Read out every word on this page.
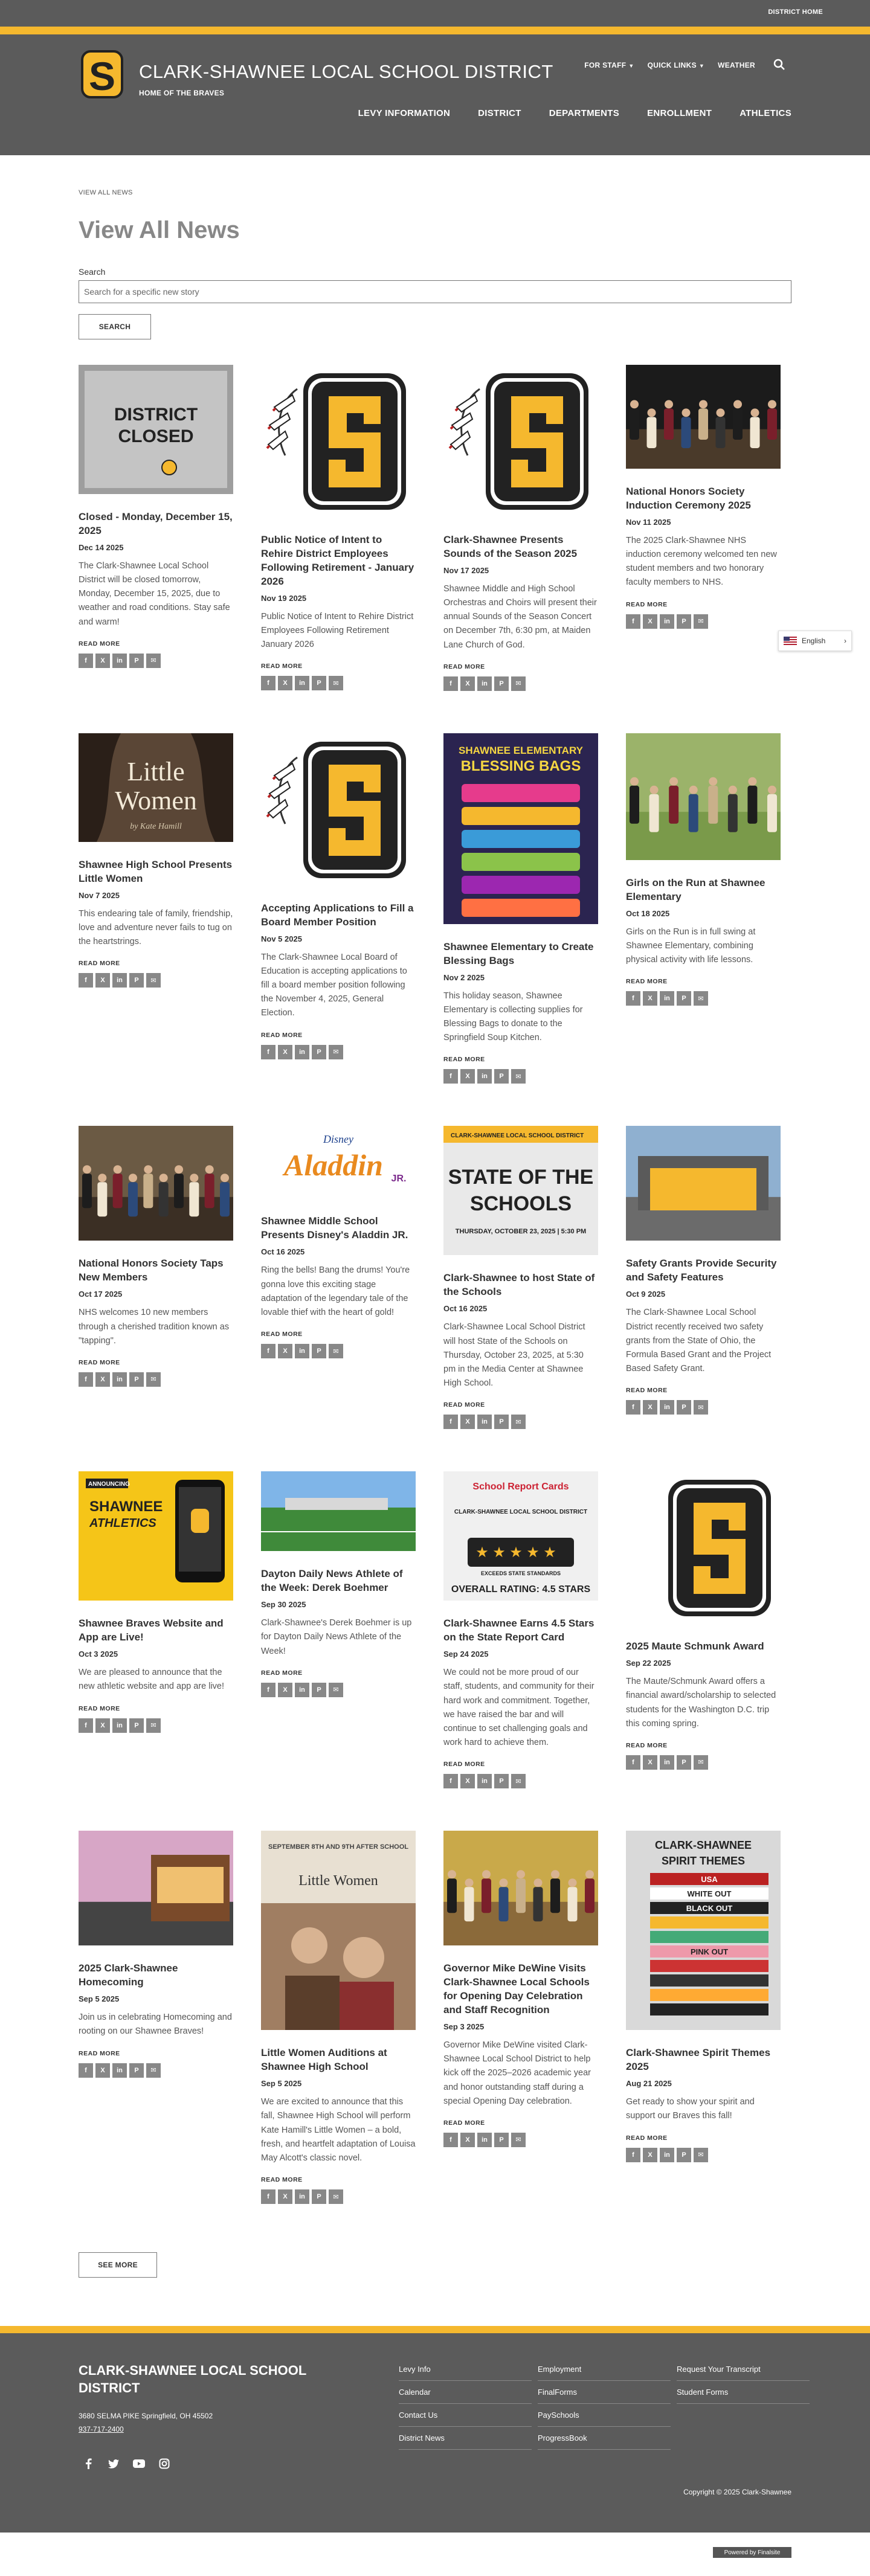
DISTRICT HOME
S CLARK-SHAWNEE LOCAL SCHOOL DISTRICT
HOME OF THE BRAVES
FOR STAFF ▼ QUICK LINKS ▼ WEATHER
LEVY INFORMATION	DISTRICT	DEPARTMENTS	ENROLLMENT	ATHLETICS
VIEW ALL NEWS
View All News
Search
Search for a specific new story
SEARCH
DISTRICT
CLOSED
Closed - Monday, December 15, 2025
Dec 14 2025
The Clark-Shawnee Local School District will be closed tomorrow, Monday, December 15, 2025, due to weather and road conditions. Stay safe and warm!
READ MORE
f	X	in	P	✉
Public Notice of Intent to Rehire District Employees Following Retirement - January 2026
Nov 19 2025
Public Notice of Intent to Rehire District Employees Following Retirement January 2026
READ MORE
f	X	in	P	✉
Clark-Shawnee Presents Sounds of the Season 2025
Nov 17 2025
Shawnee Middle and High School Orchestras and Choirs will present their annual Sounds of the Season Concert on December 7th, 6:30 pm, at Maiden Lane Church of God.
READ MORE
f	X	in	P	✉
National Honors Society Induction Ceremony 2025
Nov 11 2025
The 2025 Clark-Shawnee NHS induction ceremony welcomed ten new student members and two honorary faculty members to NHS.
READ MORE
f	X	in	P	✉
Little
Women
by Kate Hamill
Shawnee High School Presents Little Women
Nov 7 2025
This endearing tale of family, friendship, love and adventure never fails to tug on the heartstrings.
READ MORE
f	X	in	P	✉
Accepting Applications to Fill a Board Member Position
Nov 5 2025
The Clark-Shawnee Local Board of Education is accepting applications to fill a board member position following the November 4, 2025, General Election.
READ MORE
f	X	in	P	✉
SHAWNEE ELEMENTARY
BLESSING BAGS
Shawnee Elementary to Create Blessing Bags
Nov 2 2025
This holiday season, Shawnee Elementary is collecting supplies for Blessing Bags to donate to the Springfield Soup Kitchen.
READ MORE
f	X	in	P	✉
Girls on the Run at Shawnee Elementary
Oct 18 2025
Girls on the Run is in full swing at Shawnee Elementary, combining physical activity with life lessons.
READ MORE
f	X	in	P	✉
National Honors Society Taps New Members
Oct 17 2025
NHS welcomes 10 new members through a cherished tradition known as "tapping".
READ MORE
f	X	in	P	✉
Disney
Aladdin JR.
Shawnee Middle School Presents Disney's Aladdin JR.
Oct 16 2025
Ring the bells! Bang the drums! You're gonna love this exciting stage adaptation of the legendary tale of the lovable thief with the heart of gold!
READ MORE
f	X	in	P	✉
CLARK-SHAWNEE LOCAL SCHOOL DISTRICT
STATE OF THE
SCHOOLS
THURSDAY, OCTOBER 23, 2025 | 5:30 PM
Clark-Shawnee to host State of the Schools
Oct 16 2025
Clark-Shawnee Local School District will host State of the Schools on Thursday, October 23, 2025, at 5:30 pm in the Media Center at Shawnee High School.
READ MORE
f	X	in	P	✉
Safety Grants Provide Security and Safety Features
Oct 9 2025
The Clark-Shawnee Local School District recently received two safety grants from the State of Ohio, the Formula Based Grant and the Project Based Safety Grant.
READ MORE
f	X	in	P	✉
ANNOUNCING
SHAWNEE
ATHLETICS
Shawnee Braves Website and App are Live!
Oct 3 2025
We are pleased to announce that the new athletic website and app are live!
READ MORE
f	X	in	P	✉
Dayton Daily News Athlete of the Week: Derek Boehmer
Sep 30 2025
Clark-Shawnee's Derek Boehmer is up for Dayton Daily News Athlete of the Week!
READ MORE
f	X	in	P	✉
School Report Cards
CLARK-SHAWNEE LOCAL SCHOOL DISTRICT
★ ★ ★ ★ ★
EXCEEDS STATE STANDARDS
OVERALL RATING: 4.5 STARS
Clark-Shawnee Earns 4.5 Stars on the State Report Card
Sep 24 2025
We could not be more proud of our staff, students, and community for their hard work and commitment. Together, we have raised the bar and will continue to set challenging goals and work hard to achieve them.
READ MORE
f	X	in	P	✉
2025 Maute Schmunk Award
Sep 22 2025
The Maute/Schmunk Award offers a financial award/scholarship to selected students for the Washington D.C. trip this coming spring.
READ MORE
f	X	in	P	✉
2025 Clark-Shawnee Homecoming
Sep 5 2025
Join us in celebrating Homecoming and rooting on our Shawnee Braves!
READ MORE
f	X	in	P	✉
SEPTEMBER 8TH AND 9TH AFTER SCHOOL
Little Women
Little Women Auditions at Shawnee High School
Sep 5 2025
We are excited to announce that this fall, Shawnee High School will perform Kate Hamill's Little Women – a bold, fresh, and heartfelt adaptation of Louisa May Alcott's classic novel.
READ MORE
f	X	in	P	✉
Governor Mike DeWine Visits Clark-Shawnee Local Schools for Opening Day Celebration and Staff Recognition
Sep 3 2025
Governor Mike DeWine visited Clark-Shawnee Local School District to help kick off the 2025–2026 academic year and honor outstanding staff during a special Opening Day celebration.
READ MORE
f	X	in	P	✉
CLARK-SHAWNEE
SPIRIT THEMES
USA
WHITE OUT
BLACK OUT
PINK OUT
Clark-Shawnee Spirit Themes 2025
Aug 21 2025
Get ready to show your spirit and support our Braves this fall!
READ MORE
f	X	in	P	✉
SEE MORE
English	›
CLARK-SHAWNEE LOCAL SCHOOL DISTRICT
3680 SELMA PIKE Springfield, OH 45502
937-717-2400
Levy Info
Calendar
Contact Us
District News
Employment
FinalForms
PaySchools
ProgressBook
Request Your Transcript
Student Forms
Copyright © 2025 Clark-Shawnee
Powered by Finalsite
